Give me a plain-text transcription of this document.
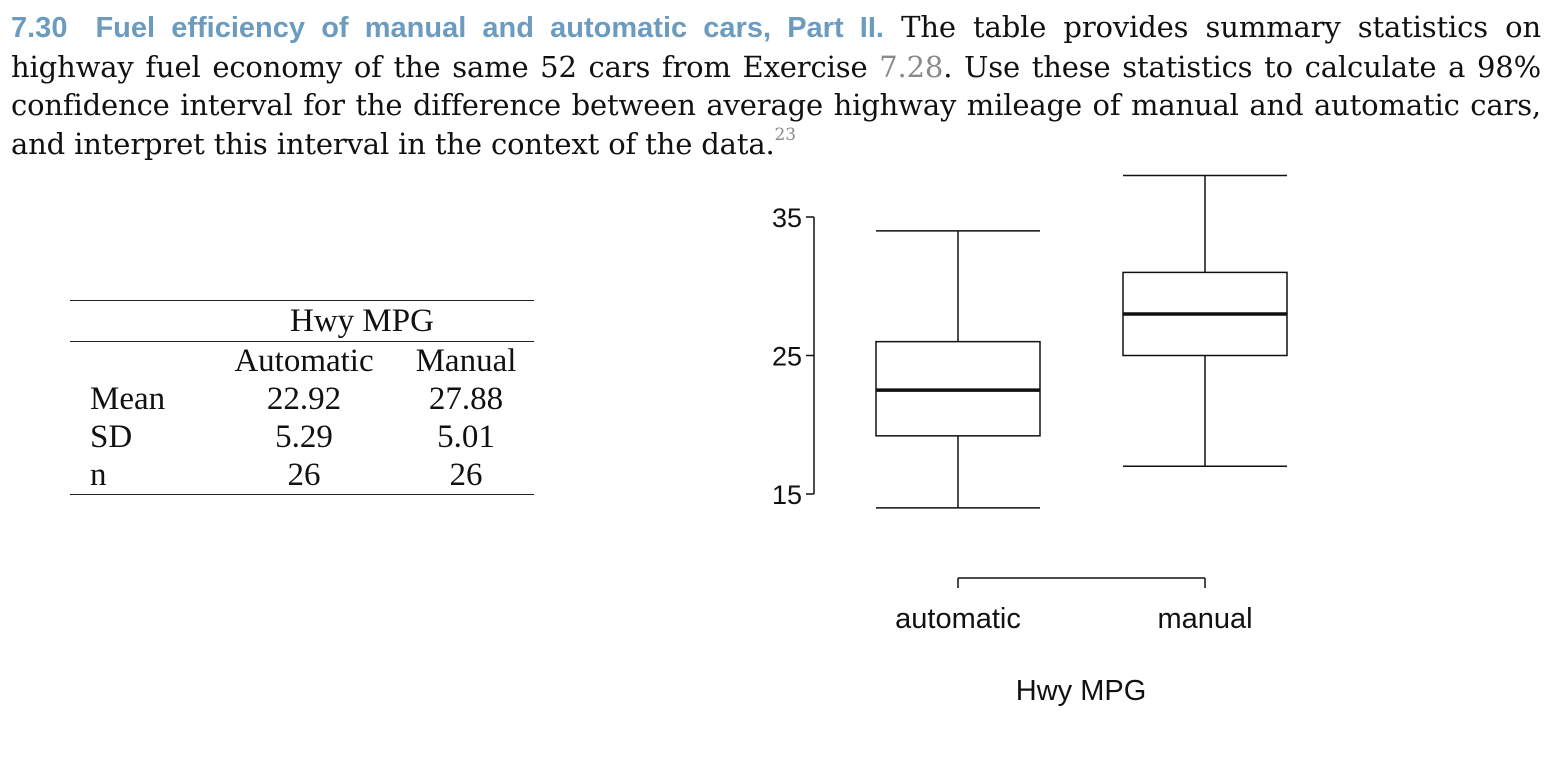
7.30 Fuel efficiency of manual and automatic cars, Part II. The table provides summary statistics on highway fuel economy of the same 52 cars from Exercise 7.28. Use these statistics to calculate a 98% confidence interval for the difference between average highway mileage of manual and automatic cars, and interpret this interval in the context of the data.$^{23}$

Hwy MPG		
	Automatic	Manual
Mean	22.92	27.88
SD	5.29	5.01
n	26	26
15
25
35
automatic	manual
Hwy MPG
